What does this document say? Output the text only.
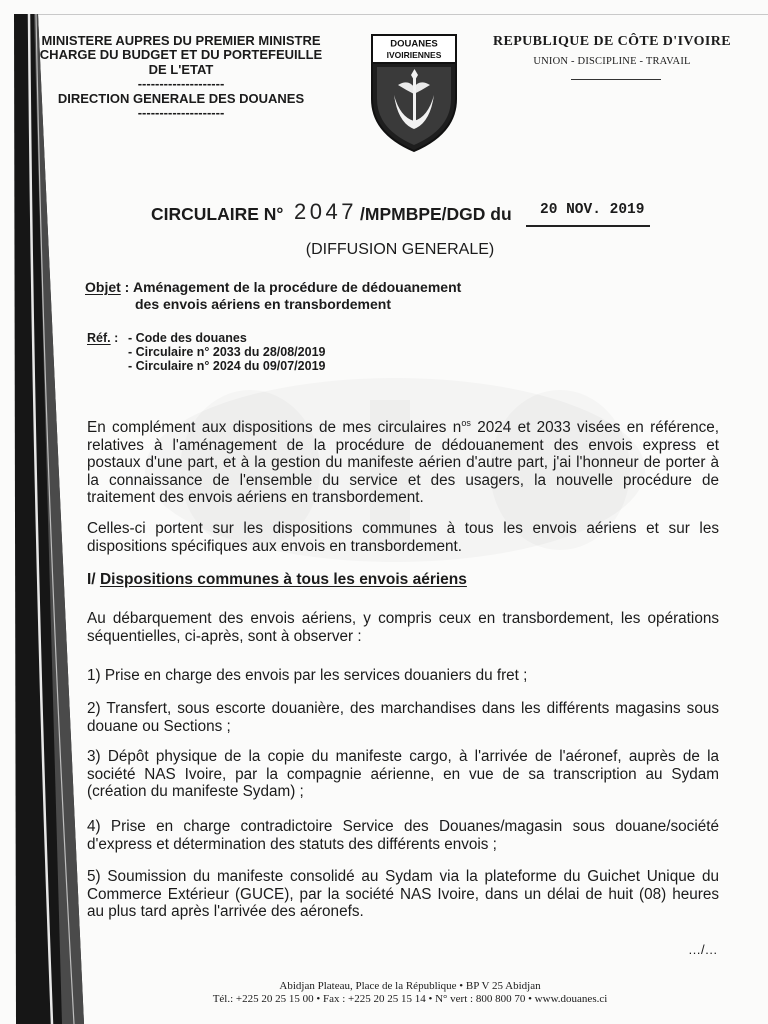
MINISTERE AUPRES DU PREMIER MINISTRE
CHARGE DU BUDGET ET DU PORTEFEUILLE
DE L'ETAT
--------------------
DIRECTION GENERALE DES DOUANES
--------------------
DOUANES
IVOIRIENNES
REPUBLIQUE DE CÔTE D'IVOIRE
UNION - DISCIPLINE - TRAVAIL
CIRCULAIRE N° 2047 /MPMBPE/DGD du 20 NOV. 2019
(DIFFUSION GENERALE)
Objet : Aménagement de la procédure de dédouanement
des envois aériens en transbordement
Réf. : - Code des douanes
- Circulaire n° 2033 du 28/08/2019
- Circulaire n° 2024 du 09/07/2019
En complément aux dispositions de mes circulaires $n^{os}$ 2024 et 2033 visées en référence,
relatives à l'aménagement de la procédure de dédouanement des envois express et
postaux d'une part, et à la gestion du manifeste aérien d'autre part, j'ai l'honneur de porter à
la connaissance de l'ensemble du service et des usagers, la nouvelle procédure de
traitement des envois aériens en transbordement.
Celles-ci portent sur les dispositions communes à tous les envois aériens et sur les
dispositions spécifiques aux envois en transbordement.
I/ Dispositions communes à tous les envois aériens
Au débarquement des envois aériens, y compris ceux en transbordement, les opérations
séquentielles, ci-après, sont à observer :
1) Prise en charge des envois par les services douaniers du fret ;
2) Transfert, sous escorte douanière, des marchandises dans les différents magasins sous
douane ou Sections ;
3) Dépôt physique de la copie du manifeste cargo, à l'arrivée de l'aéronef, auprès de la
société NAS Ivoire, par la compagnie aérienne, en vue de sa transcription au Sydam
(création du manifeste Sydam) ;
4) Prise en charge contradictoire Service des Douanes/magasin sous douane/société
d'express et détermination des statuts des différents envois ;
5) Soumission du manifeste consolidé au Sydam via la plateforme du Guichet Unique du
Commerce Extérieur (GUCE), par la société NAS Ivoire, dans un délai de huit (08) heures
au plus tard après l'arrivée des aéronefs.
…/…
Abidjan Plateau, Place de la République • BP V 25 Abidjan
Tél.: +225 20 25 15 00 • Fax : +225 20 25 15 14 • N° vert : 800 800 70 • www.douanes.ci
